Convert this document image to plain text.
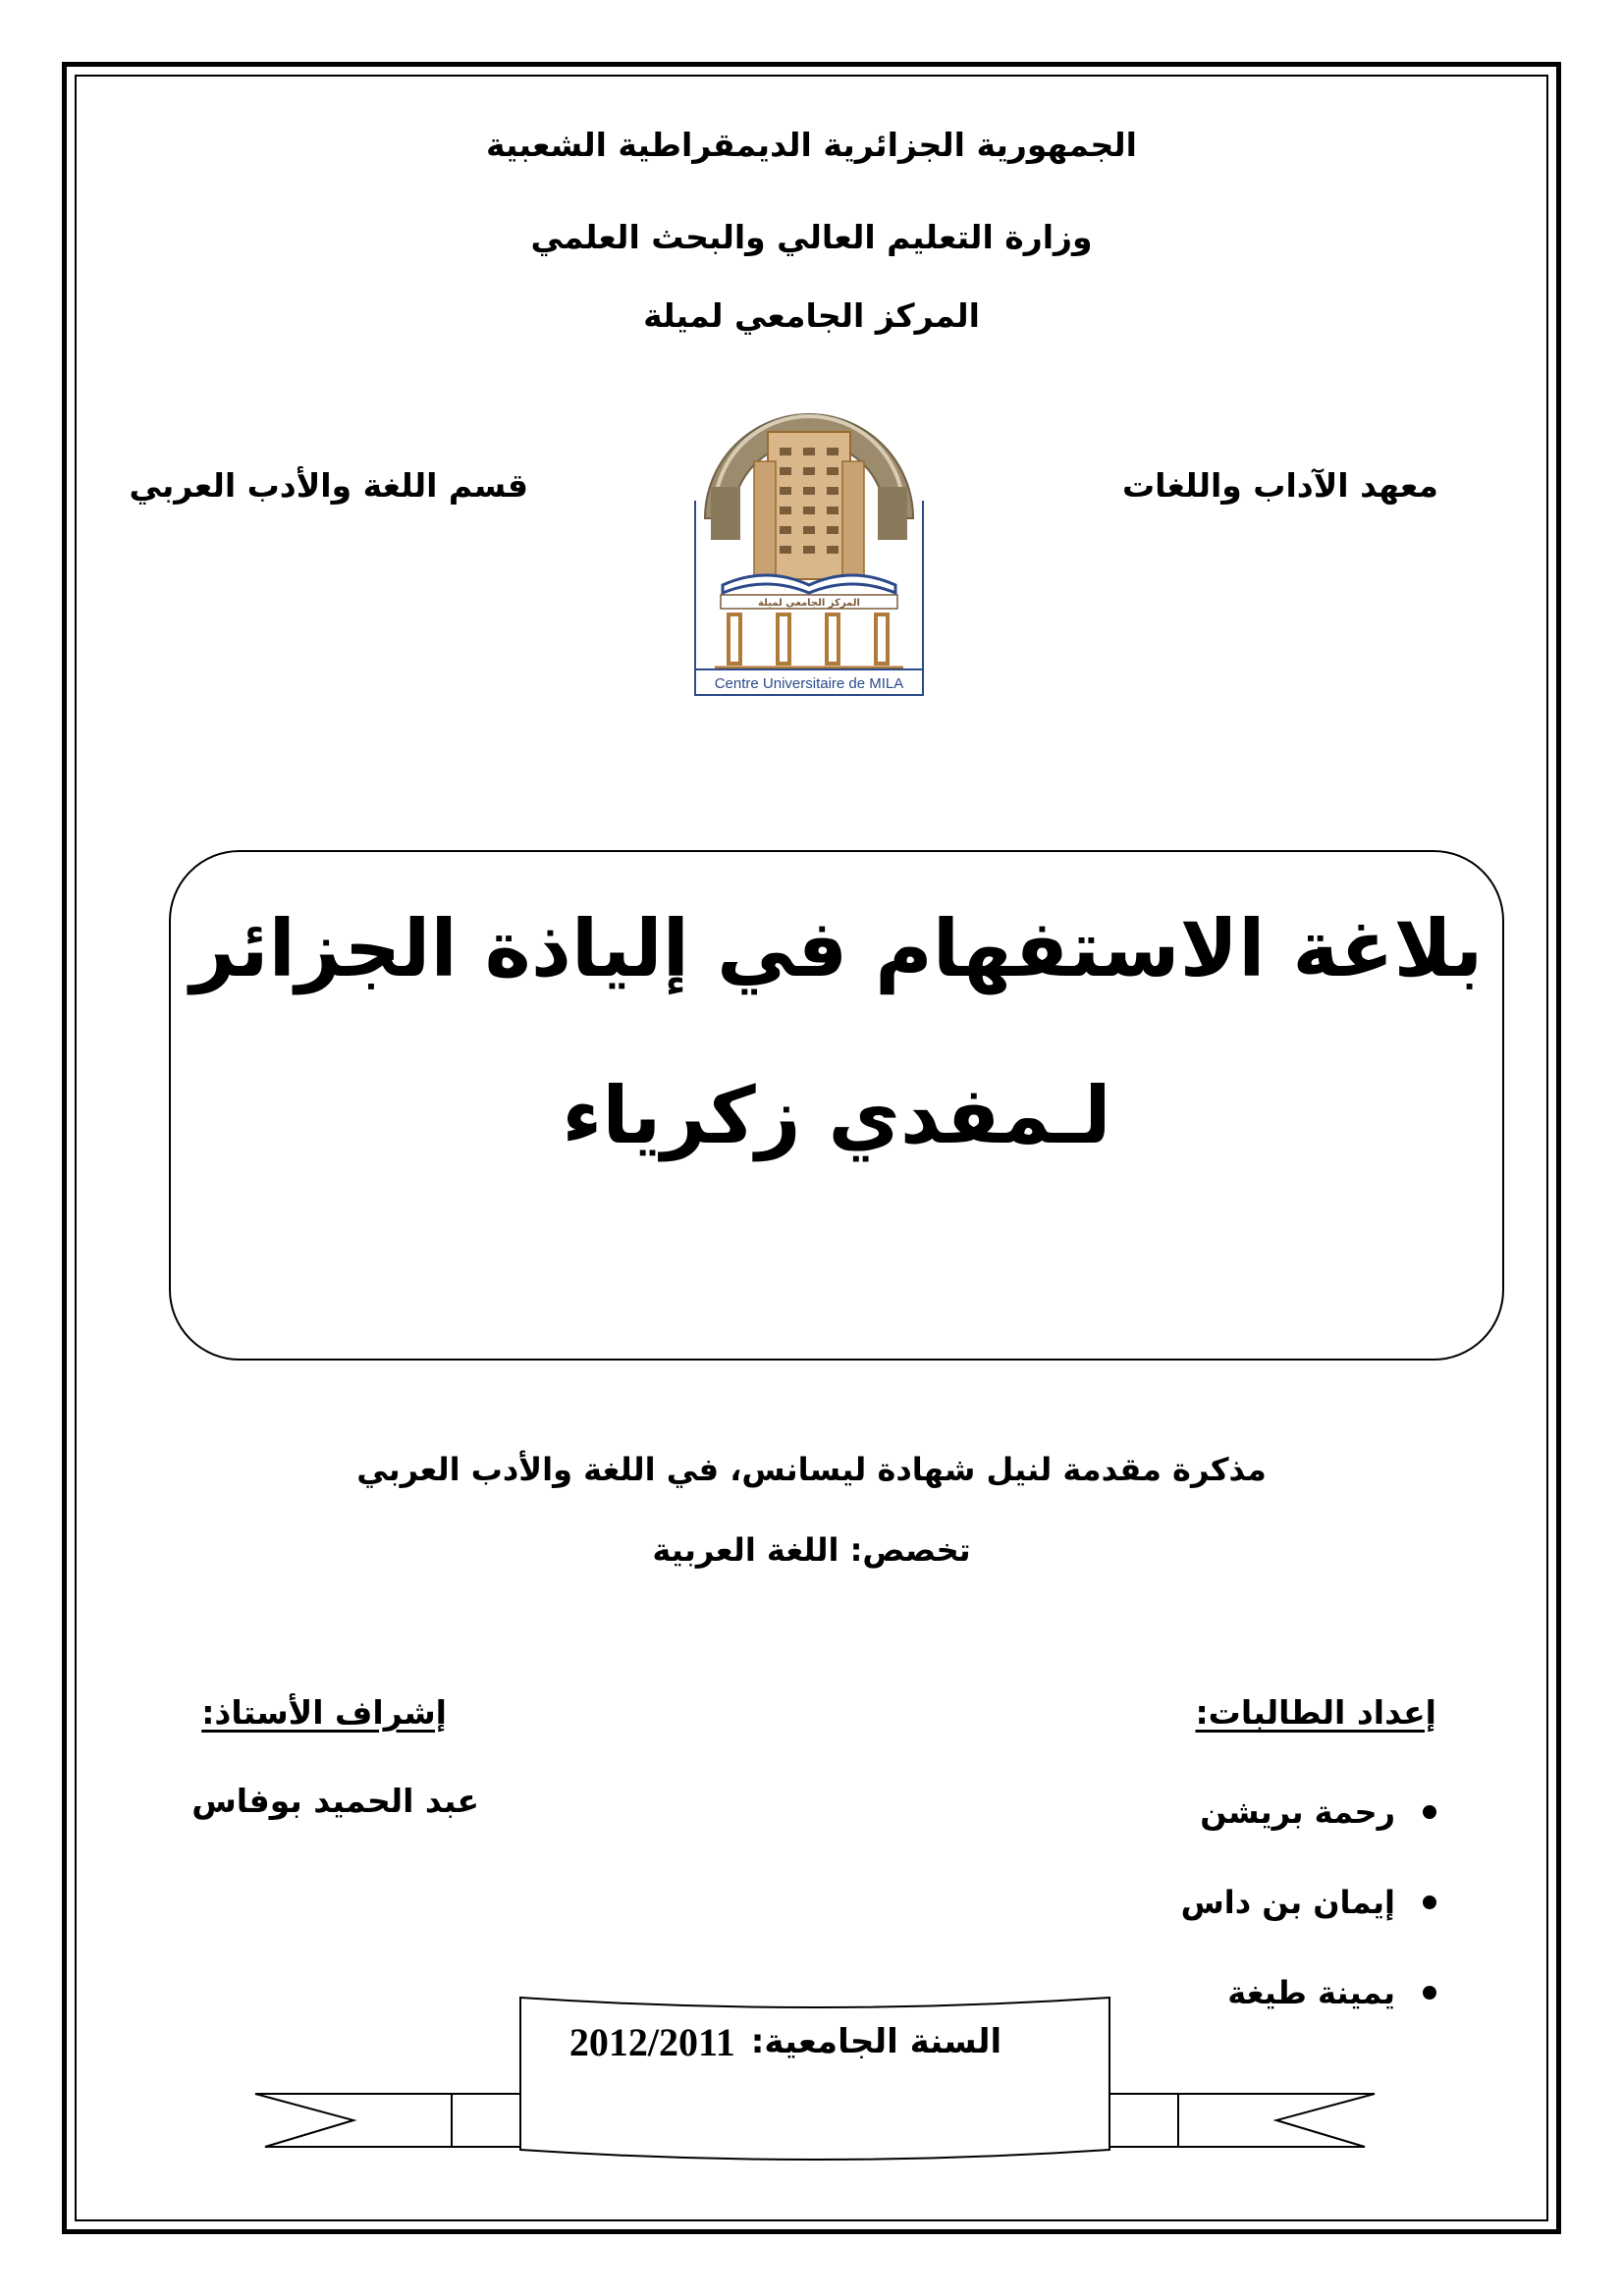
الجمهورية الجزائرية الديمقراطية الشعبية
وزارة التعليم العالي والبحث العلمي
المركز الجامعي لميلة
معهد الآداب واللغات
قسم اللغة والأدب العربي
المركز الجامعي لميلة
Centre Universitaire de MILA
بلاغة الاستفهام في إلياذة الجزائر
لـمفدي زكرياء
مذكرة مقدمة لنيل شهادة ليسانس، في اللغة والأدب العربي
تخصص: اللغة العربية
إعداد الطالبات:
إشراف الأستاذ:
رحمة بريشن
إيمان بن داس
يمينة طيغة
عبد الحميد بوفاس
السنة الجامعية:
2012/2011
